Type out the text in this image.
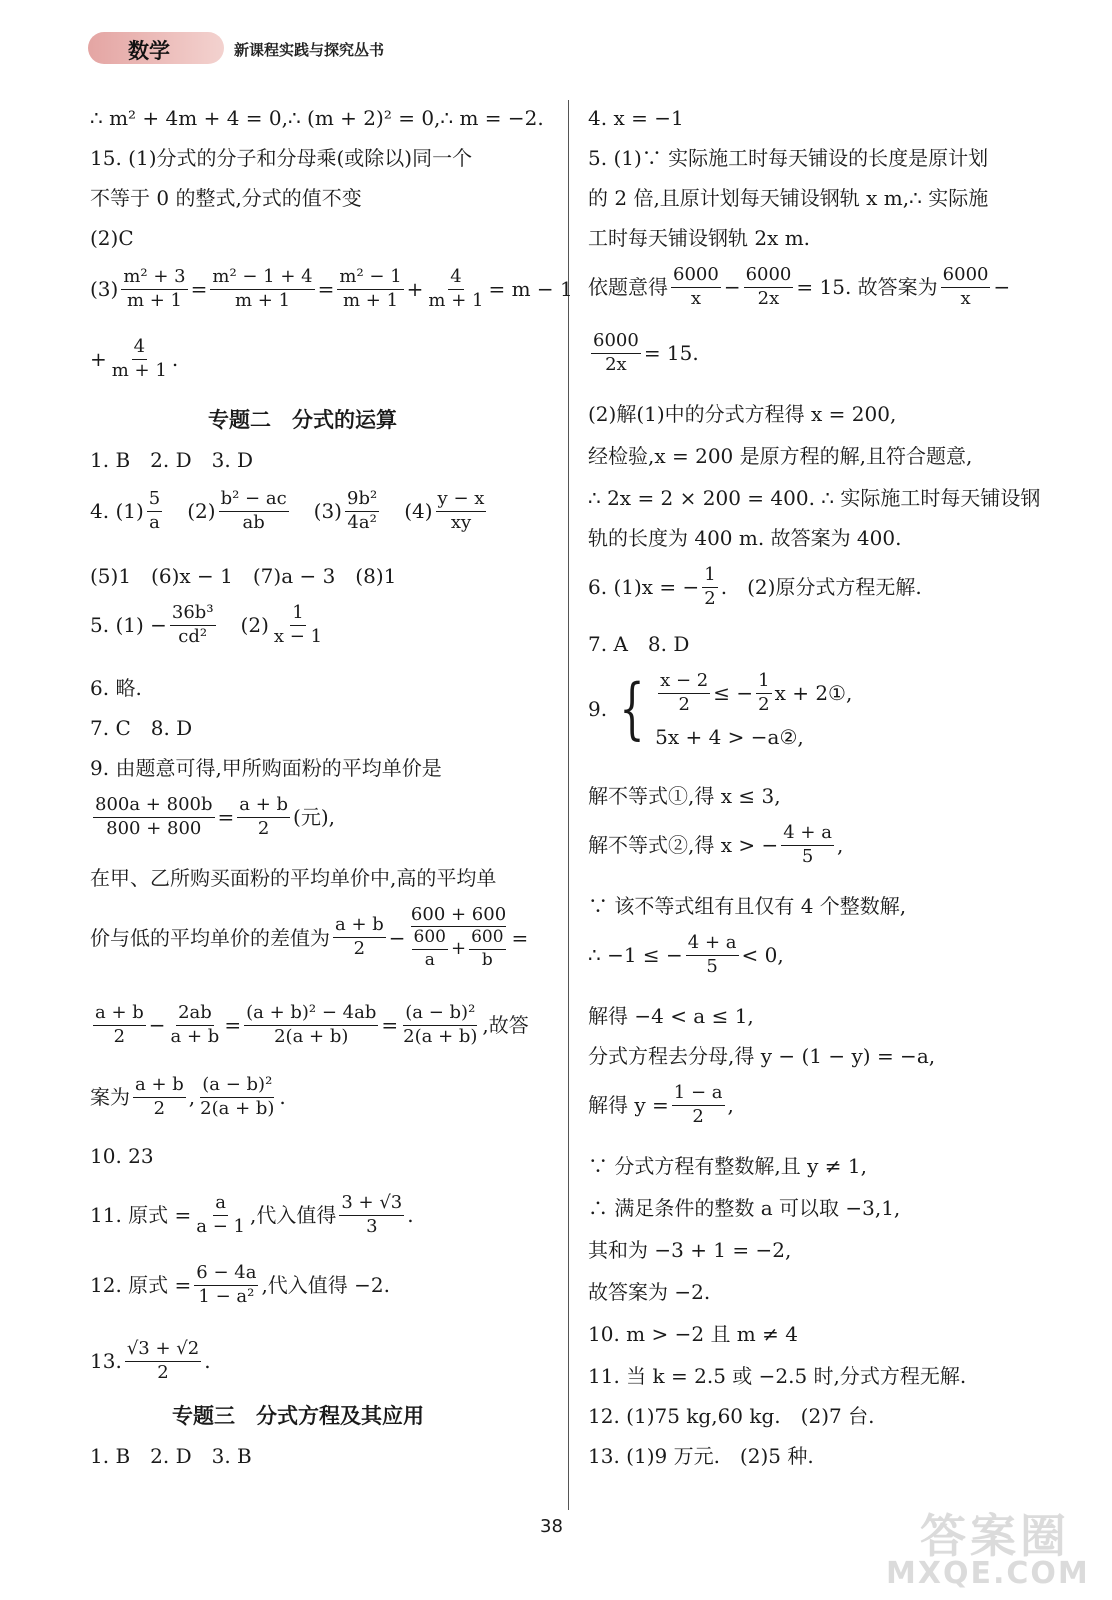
数学	新课程实践与探究丛书
∴ m² + 4m + 4 = 0,∴ (m + 2)² = 0,∴ m = −2.
15. (1)分式的分子和分母乘(或除以)同一个
不等于 0 的整式,分式的值不变
(2)C
$(3) \frac{\text{m² + 3}}{m + 1} = \frac{\text{m² − 1 + 4}}{m + 1} = \frac{\text{m² − 1}}{m + 1} + \frac{4}{m + 1} = m - 1$
+ $\frac{4}{m + 1}$ .
专题二　分式的运算
1. B　2. D　3. D
4. $(1) \frac{5}{a} (2) \frac{\text{b² − ac}}{ab} (3) \frac{\text{9b²}}{\text{4a²}} (4) \frac{y - x}{xy}$
(5)1　(6)x − 1　(7)a − 3　(8)1
5. $(1) - \frac{\text{36b³}}{\text{cd²}} (2) \frac{1}{x - 1}$
6. 略.
7. C　8. D
9. 由题意可得,甲所购面粉的平均单价是
$\frac{800a + 800b}{800 + 800} = \frac{a + b}{2}$ (元),
在甲、乙所购买面粉的平均单价中,高的平均单
价与低的平均单价的差值为 $\frac{a + b}{2} - \frac{600 + 600}{\frac{600}{a} + \frac{600}{b}}$ =
$\frac{a + b}{2} - \frac{2ab}{a + b} = \frac{\text{(a + b)² − 4ab}}{2(a + b)} = \frac{\text{(a − b)²}}{2(a + b)}$ ,故答
案为 $\frac{a + b}{2}$ , $\frac{\text{(a − b)²}}{2(a + b)}$ .
10. 23
11. 原式 = $\frac{a}{a - 1}$ ,代入值得 $\frac{3 + √3}{3}$ .
12. 原式 = $\frac{6 - 4a}{\text{1 − a²}}$ ,代入值得 −2.
13. $\frac{√3 + √2}{2}$ .
专题三　分式方程及其应用
1. B　2. D　3. B
4. x = −1
5. (1)∵ 实际施工时每天铺设的长度是原计划
的 2 倍,且原计划每天铺设钢轨 x m,∴ 实际施
工时每天铺设钢轨 2x m.
依题意得 $\frac{6000}{x} - \frac{6000}{2x} = 15$. 故答案为 $\frac{6000}{x}$ −
$\frac{6000}{2x} = 15$.
(2)解(1)中的分式方程得 x = 200,
经检验,x = 200 是原方程的解,且符合题意,
∴ 2x = 2 × 200 = 400. ∴ 实际施工时每天铺设钢
轨的长度为 400 m. 故答案为 400.
6. (1)x = − $\frac{1}{2}$ .　(2)原分式方程无解.
7. A　8. D
9. { $\frac{x - 2}{2}$ ≤ − $\frac{1}{2}$ x + 2①,
5x + 4 > −a②,
解不等式①,得 x ≤ 3,
解不等式②,得 x > − $\frac{4 + a}{5}$ ,
∵ 该不等式组有且仅有 4 个整数解,
∴ −1 ≤ − $\frac{4 + a}{5} < 0$,
解得 −4 < a ≤ 1,
分式方程去分母,得 y − (1 − y) = −a,
解得 $y = \frac{1 - a}{2}$ ,
∵ 分式方程有整数解,且 y ≠ 1,
∴ 满足条件的整数 a 可以取 −3,1,
其和为 −3 + 1 = −2,
故答案为 −2.
10. m > −2 且 m ≠ 4
11. 当 k = 2.5 或 −2.5 时,分式方程无解.
12. (1)75 kg,60 kg.　(2)7 台.
13. (1)9 万元.　(2)5 种.
38	答案圈
MXQE.COM
